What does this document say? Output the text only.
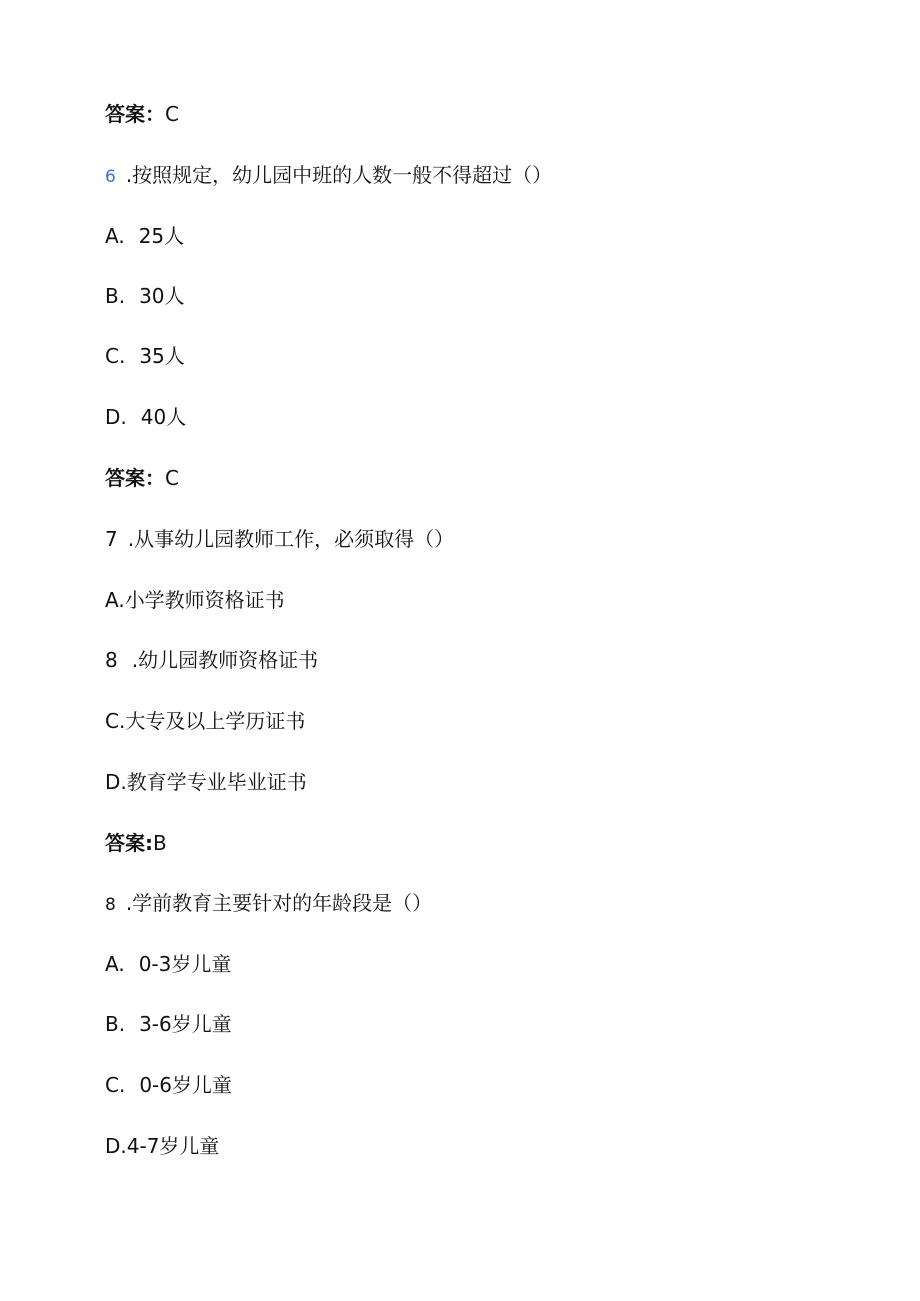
答案：C
6 .按照规定，幼儿园中班的人数一般不得超过（）
A. 25人
B. 30人
C. 35人
D. 40人
答案：C
7 .从事幼儿园教师工作，必须取得（）
A.小学教师资格证书
8 .幼儿园教师资格证书
C.大专及以上学历证书
D.教育学专业毕业证书
答案:B
8 .学前教育主要针对的年龄段是（）
A. 0-3岁儿童
B. 3-6岁儿童
C. 0-6岁儿童
D.4-7岁儿童
